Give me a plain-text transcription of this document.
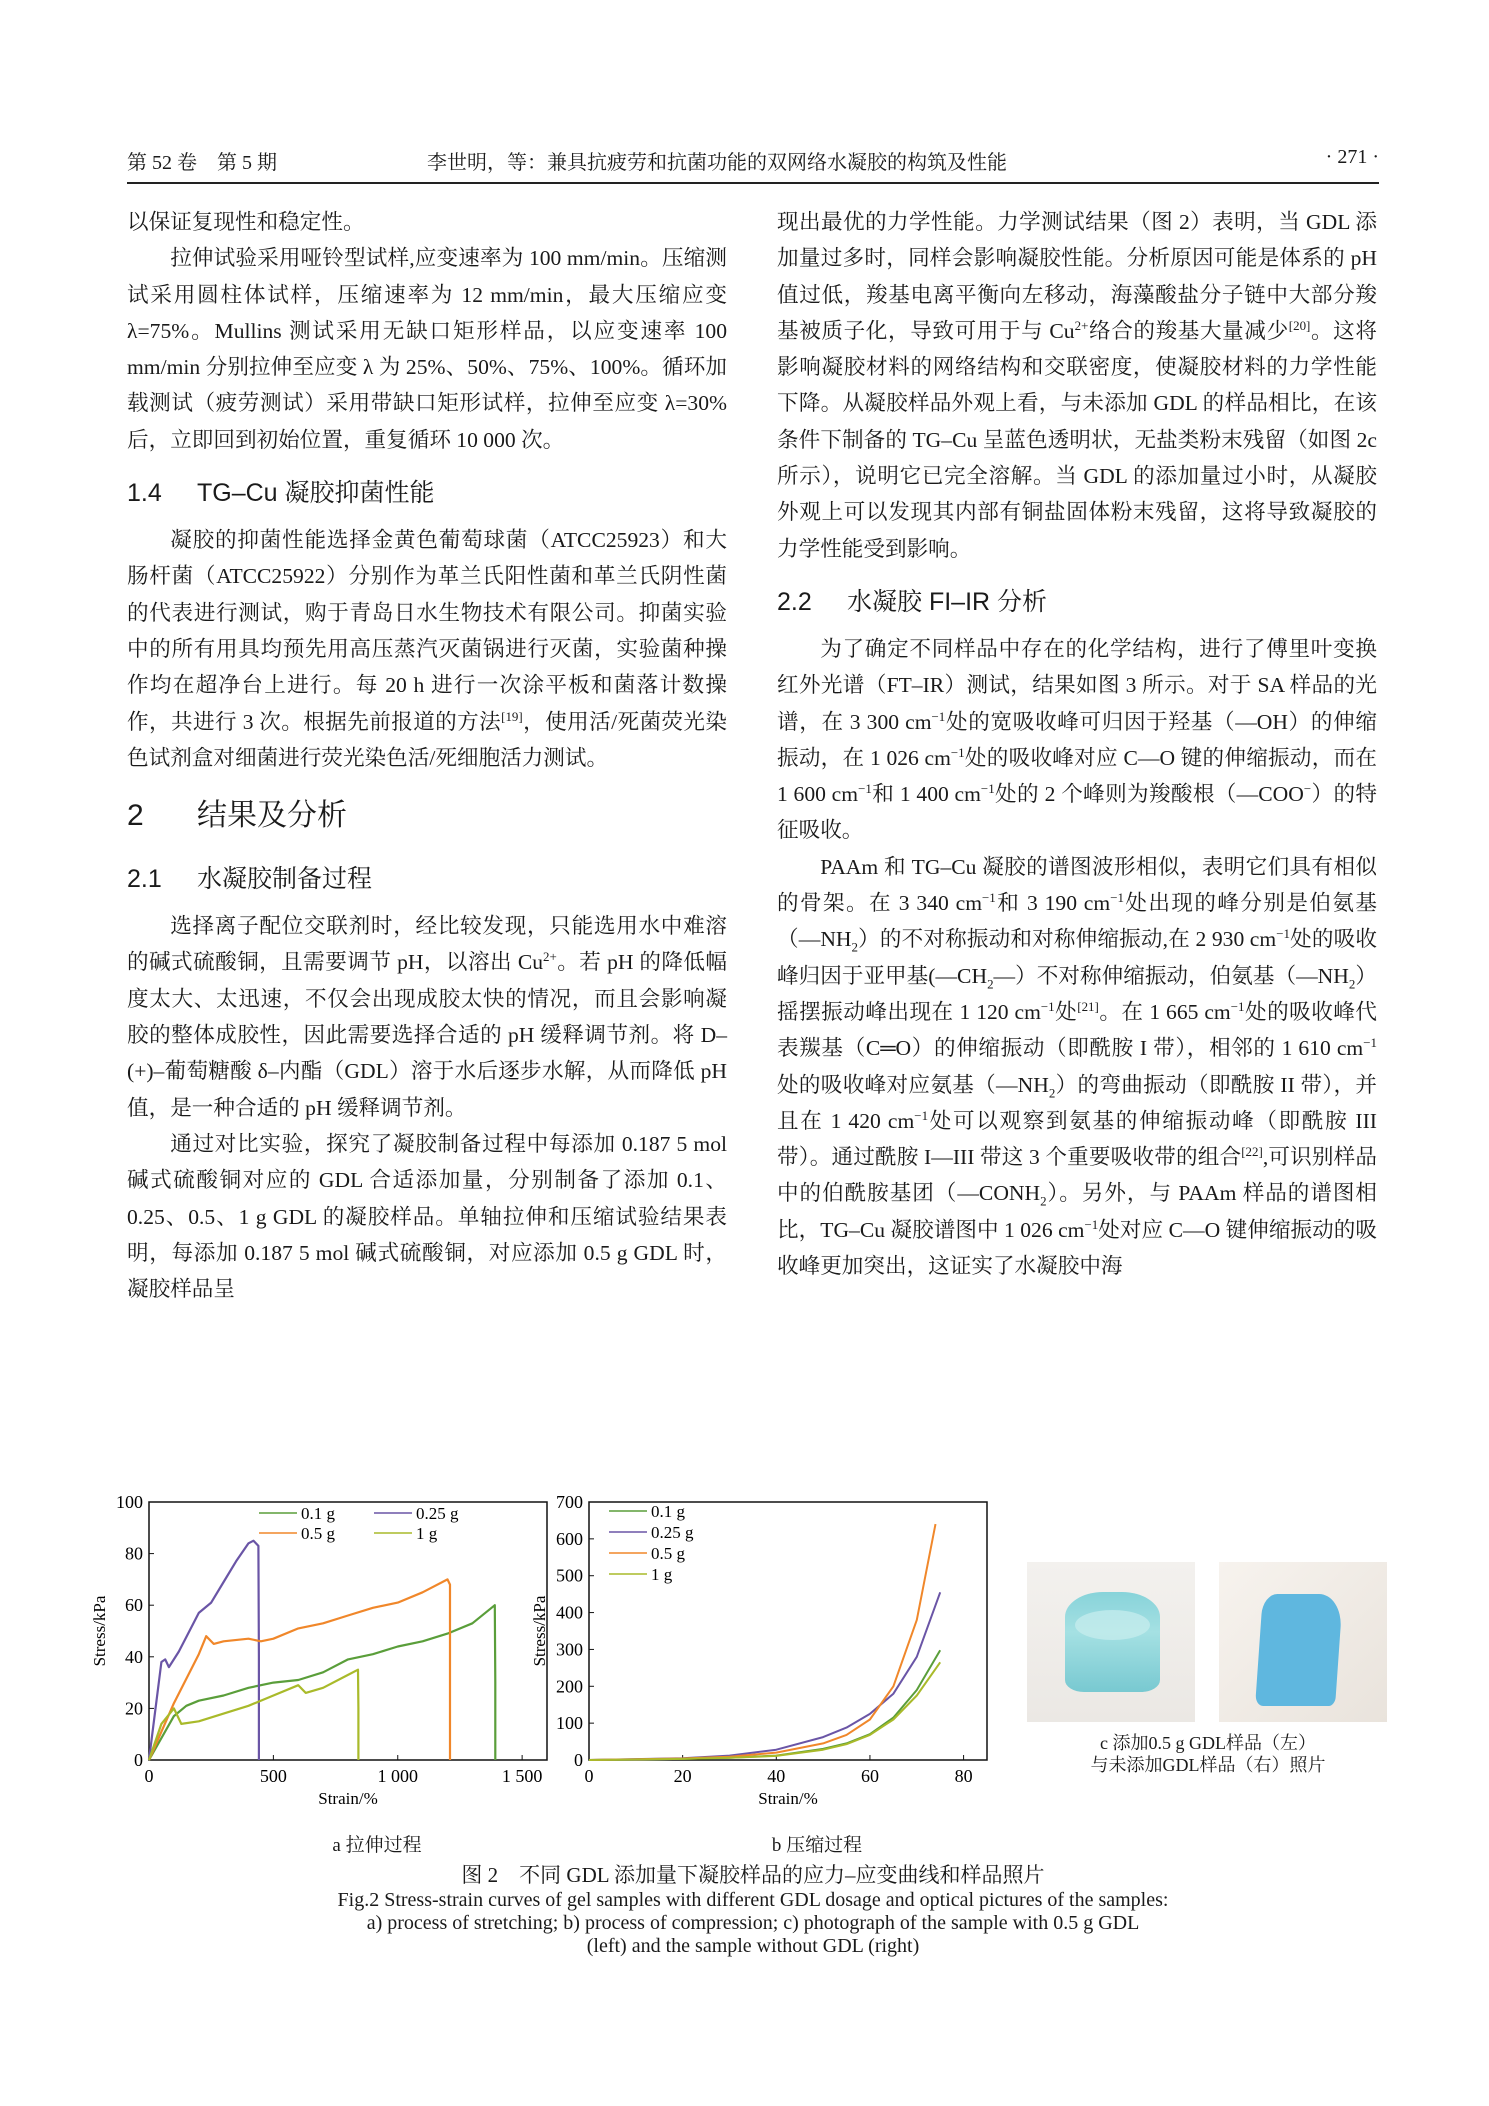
第 52 卷　第 5 期	李世明，等：兼具抗疲劳和抗菌功能的双网络水凝胶的构筑及性能	· 271 ·

以保证复现性和稳定性。

拉伸试验采用哑铃型试样,应变速率为 100 mm/min。压缩测试采用圆柱体试样，压缩速率为 12 mm/min，最大压缩应变 λ=75%。Mullins 测试采用无缺口矩形样品，以应变速率 100 mm/min 分别拉伸至应变 λ 为 25%、50%、75%、100%。循环加载测试（疲劳测试）采用带缺口矩形试样，拉伸至应变 λ=30%后，立即回到初始位置，重复循环 10 000 次。

1.4 TG–Cu 凝胶抑菌性能

凝胶的抑菌性能选择金黄色葡萄球菌（ATCC25923）和大肠杆菌（ATCC25922）分别作为革兰氏阳性菌和革兰氏阴性菌的代表进行测试，购于青岛日水生物技术有限公司。抑菌实验中的所有用具均预先用高压蒸汽灭菌锅进行灭菌，实验菌种操作均在超净台上进行。每 20 h 进行一次涂平板和菌落计数操作，共进行 3 次。根据先前报道的方法[19]，使用活/死菌荧光染色试剂盒对细菌进行荧光染色活/死细胞活力测试。

2 结果及分析
2.1 水凝胶制备过程

选择离子配位交联剂时，经比较发现，只能选用水中难溶的碱式硫酸铜，且需要调节 pH，以溶出 $Cu^{2+}$。若 pH 的降低幅度太大、太迅速，不仅会出现成胶太快的情况，而且会影响凝胶的整体成胶性，因此需要选择合适的 pH 缓释调节剂。将 D–(+)–葡萄糖酸 δ–内酯（GDL）溶于水后逐步水解，从而降低 pH 值，是一种合适的 pH 缓释调节剂。

通过对比实验，探究了凝胶制备过程中每添加 0.187 5 mol 碱式硫酸铜对应的 GDL 合适添加量，分别制备了添加 0.1、0.25、0.5、1 g GDL 的凝胶样品。单轴拉伸和压缩试验结果表明，每添加 0.187 5 mol 碱式硫酸铜，对应添加 0.5 g GDL 时，凝胶样品呈

现出最优的力学性能。力学测试结果（图 2）表明，当 GDL 添加量过多时，同样会影响凝胶性能。分析原因可能是体系的 pH 值过低，羧基电离平衡向左移动，海藻酸盐分子链中大部分羧基被质子化，导致可用于与 $Cu^{2+}$络合的羧基大量减少[20]。这将影响凝胶材料的网络结构和交联密度，使凝胶材料的力学性能下降。从凝胶样品外观上看，与未添加 GDL 的样品相比，在该条件下制备的 TG–Cu 呈蓝色透明状，无盐类粉末残留（如图 2c 所示），说明它已完全溶解。当 GDL 的添加量过小时，从凝胶外观上可以发现其内部有铜盐固体粉末残留，这将导致凝胶的力学性能受到影响。

2.2 水凝胶 FI–IR 分析

为了确定不同样品中存在的化学结构，进行了傅里叶变换红外光谱（FT–IR）测试，结果如图 3 所示。对于 SA 样品的光谱，在 3 300 $cm^{-1}$处的宽吸收峰可归因于羟基（—OH）的伸缩振动，在 1 026 $cm^{-1}$处的吸收峰对应 C—O 键的伸缩振动，而在 1 600 $cm^{-1}$和 1 400 $cm^{-1}$处的 2 个峰则为羧酸根（—COO−）的特征吸收。

PAAm 和 TG–Cu 凝胶的谱图波形相似，表明它们具有相似的骨架。在 3 340 $cm^{-1}$和 3 190 $cm^{-1}$处出现的峰分别是伯氨基$(—NH_2)$的不对称振动和对称伸缩振动,在 2 930 $cm^{-1}$处的吸收峰归因于亚甲基$(—CH_2—)$不对称伸缩振动，伯氨基$(—NH_2)$摇摆振动峰出现在 1 120 $cm^{-1}$处[21]。在 1 665 $cm^{-1}$处的吸收峰代表羰基（C═O）的伸缩振动（即酰胺 I 带），相邻的 1 610 $cm^{-1}$处的吸收峰对应氨基$(—NH_2)$的弯曲振动（即酰胺 II 带），并且在 1 420 $cm^{-1}$处可以观察到氨基的伸缩振动峰（即酰胺 III 带）。通过酰胺 I—III 带这 3 个重要吸收带的组合[22],可识别样品中的伯酰胺基团$(—CONH_2)$。另外，与 PAAm 样品的谱图相比，TG–Cu 凝胶谱图中 1 026 $cm^{-1}$处对应 C—O 键伸缩振动的吸收峰更加突出，这证实了水凝胶中海

0
20
40
60
80
100
0	500	1 000	1 500
Strain/%
Stress/kPa
0.1 g	0.25 g
0.5 g	1 g
a 拉伸过程
0
100
200
300
400
500
600
700
0	20	40	60	80
Strain/%
Stress/kPa
0.1 g
0.25 g
0.5 g
1 g
b 压缩过程
c 添加0.5 g GDL样品（左）
与未添加GDL样品（右）照片
图 2　不同 GDL 添加量下凝胶样品的应力–应变曲线和样品照片
Fig.2 Stress-strain curves of gel samples with different GDL dosage and optical pictures of the samples:
a) process of stretching; b) process of compression; c) photograph of the sample with 0.5 g GDL
(left) and the sample without GDL (right)
